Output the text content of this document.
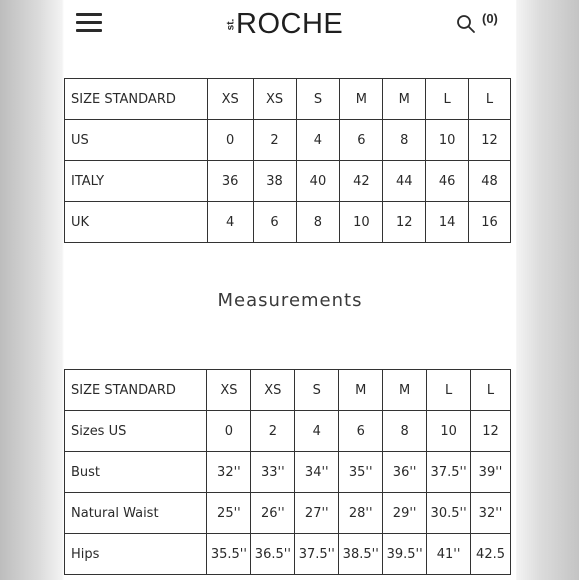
st. ROCHE	(0)
SIZE STANDARD	XS	XS	S	M	M	L	L
US	0	2	4	6	8	10	12
ITALY	36	38	40	42	44	46	48
UK	4	6	8	10	12	14	16
Measurements
SIZE STANDARD	XS	XS	S	M	M	L	L
Sizes US	0	2	4	6	8	10	12
Bust	32''	33''	34''	35''	36''	37.5''	39''
Natural Waist	25''	26''	27''	28''	29''	30.5''	32''
Hips	35.5''	36.5''	37.5''	38.5''	39.5''	41''	42.5
